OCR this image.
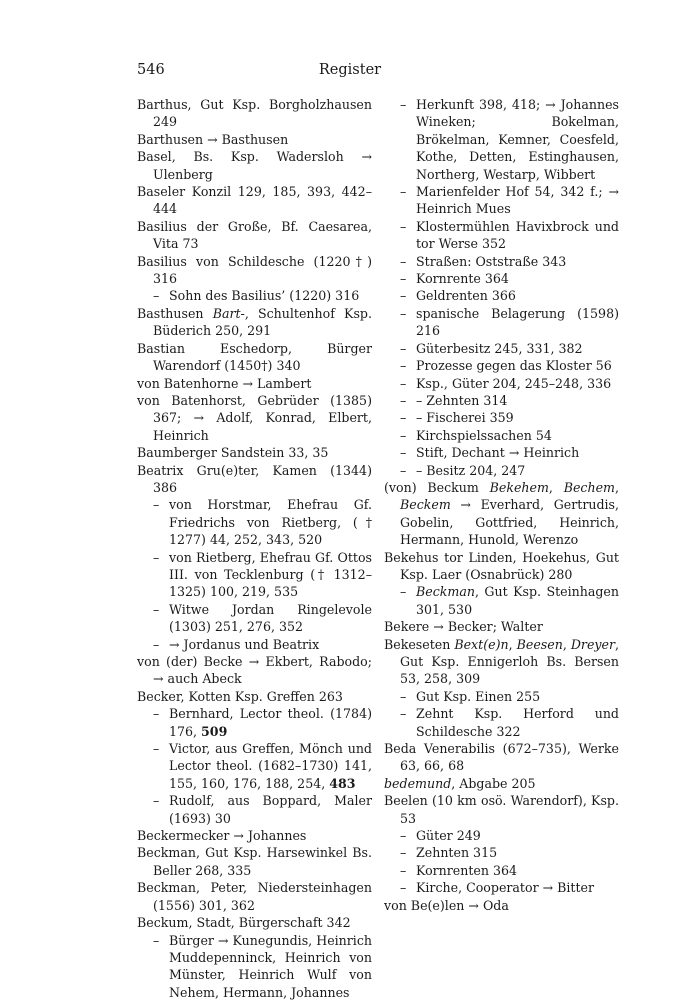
546	Register
Barthus, Gut Ksp. Borgholzhausen 249
Barthusen → Basthusen
Basel, Bs. Ksp. Wadersloh → Ulenberg
Baseler Konzil 129, 185, 393, 442–444
Basilius der Große, Bf. Caesarea, Vita 73
Basilius von Schildesche (1220†) 316
– Sohn des Basilius’ (1220) 316
Basthusen Bart-, Schultenhof Ksp. Büderich 250, 291
Bastian Eschedorp, Bürger Warendorf (1450†) 340
von Batenhorne → Lambert
von Batenhorst, Gebrüder (1385) 367; → Adolf, Konrad, Elbert, Heinrich
Baumberger Sandstein 33, 35
Beatrix Gru(e)ter, Kamen (1344) 386
– von Horstmar, Ehefrau Gf. Friedrichs von Rietberg, († 1277) 44, 252, 343, 520
– von Rietberg, Ehefrau Gf. Ottos III. von Tecklenburg († 1312–1325) 100, 219, 535
– Witwe Jordan Ringelevole (1303) 251, 276, 352
– → Jordanus und Beatrix
von (der) Becke → Ekbert, Rabodo; → auch Abeck
Becker, Kotten Ksp. Greffen 263
– Bernhard, Lector theol. (1784) 176, 509
– Victor, aus Greffen, Mönch und Lector theol. (1682–1730) 141, 155, 160, 176, 188, 254, 483
– Rudolf, aus Boppard, Maler (1693) 30
Beckermecker → Johannes
Beckman, Gut Ksp. Harsewinkel Bs. Beller 268, 335
Beckman, Peter, Niedersteinhagen (1556) 301, 362
Beckum, Stadt, Bürgerschaft 342
– Bürger → Kunegundis, Heinrich Muddepenninck, Heinrich von Münster, Heinrich Wulf von Nehem, Hermann, Johannes
– Herkunft 398, 418; → Johannes Wineken; Bokelman, Brökelman, Kemner, Coesfeld, Kothe, Detten, Estinghausen, Northerg, Westarp, Wibbert
– Marienfelder Hof 54, 342 f.; → Heinrich Mues
– Klostermühlen Havixbrock und tor Werse 352
– Straßen: Oststraße 343
– Kornrente 364
– Geldrenten 366
– spanische Belagerung (1598) 216
– Güterbesitz 245, 331, 382
– Prozesse gegen das Kloster 56
– Ksp., Güter 204, 245–248, 336
– – Zehnten 314
– – Fischerei 359
– Kirchspielssachen 54
– Stift, Dechant → Heinrich
– – Besitz 204, 247
(von) Beckum Bekehem, Bechem, Beckem → Everhard, Gertrudis, Gobelin, Gottfried, Heinrich, Hermann, Hunold, Werenzo
Bekehus tor Linden, Hoekehus, Gut Ksp. Laer (Osnabrück) 280
– Beckman, Gut Ksp. Steinhagen 301, 530
Bekere → Becker; Walter
Bekeseten Bext(e)n, Beesen, Dreyer, Gut Ksp. Ennigerloh Bs. Bersen 53, 258, 309
– Gut Ksp. Einen 255
– Zehnt Ksp. Herford und Schildesche 322
Beda Venerabilis (672–735), Werke 63, 66, 68
bedemund, Abgabe 205
Beelen (10 km osö. Warendorf), Ksp. 53
– Güter 249
– Zehnten 315
– Kornrenten 364
– Kirche, Cooperator → Bitter
von Be(e)len → Oda
